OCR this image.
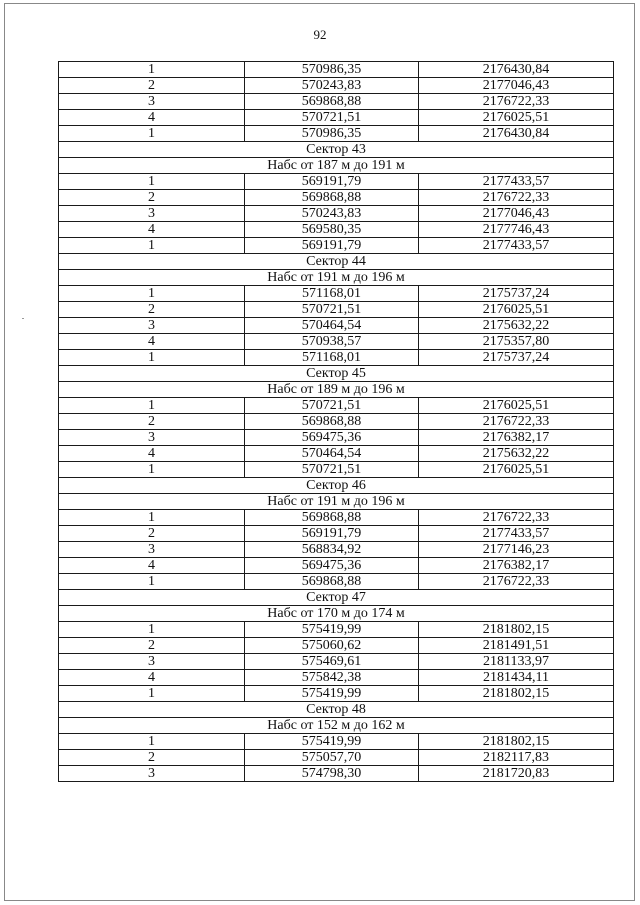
92
1	570986,35	2176430,84
2	570243,83	2177046,43
3	569868,88	2176722,33
4	570721,51	2176025,51
1	570986,35	2176430,84
Сектор 43		
Набс от 187 м до 191 м		
1	569191,79	2177433,57
2	569868,88	2176722,33
3	570243,83	2177046,43
4	569580,35	2177746,43
1	569191,79	2177433,57
Сектор 44		
Набс от 191 м до 196 м		
1	571168,01	2175737,24
2	570721,51	2176025,51
3	570464,54	2175632,22
4	570938,57	2175357,80
1	571168,01	2175737,24
Сектор 45		
Набс от 189 м до 196 м		
1	570721,51	2176025,51
2	569868,88	2176722,33
3	569475,36	2176382,17
4	570464,54	2175632,22
1	570721,51	2176025,51
Сектор 46		
Набс от 191 м до 196 м		
1	569868,88	2176722,33
2	569191,79	2177433,57
3	568834,92	2177146,23
4	569475,36	2176382,17
1	569868,88	2176722,33
Сектор 47		
Набс от 170 м до 174 м		
1	575419,99	2181802,15
2	575060,62	2181491,51
3	575469,61	2181133,97
4	575842,38	2181434,11
1	575419,99	2181802,15
Сектор 48		
Набс от 152 м до 162 м		
1	575419,99	2181802,15
2	575057,70	2182117,83
3	574798,30	2181720,83
